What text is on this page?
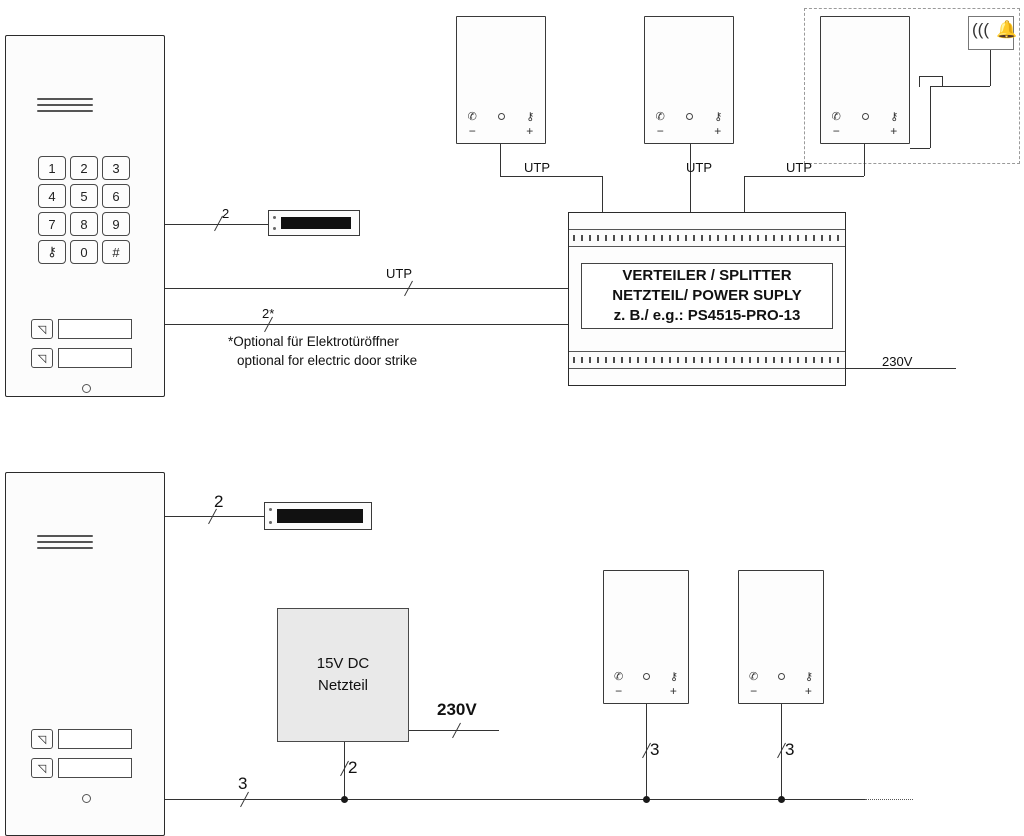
1	2	3
4	5	6
7	8	9
⚷	0	#
◹
◹
✆	⚷
−	+
✆	⚷
−	+
✆	⚷
−	+
((( 🔔
UTP	UTP	UTP
VERTEILER / SPLITTER
NETZTEIL/ POWER SUPLY
z. B./ e.g.: PS4515-PRO-13
230V
2
UTP
2*
*Optional für Elektrotüröffner
optional for electric door strike
◹
◹
2
15V DC
Netzteil
230V
✆	⚷
−	+
✆	⚷
−	+
2
3	3
3
